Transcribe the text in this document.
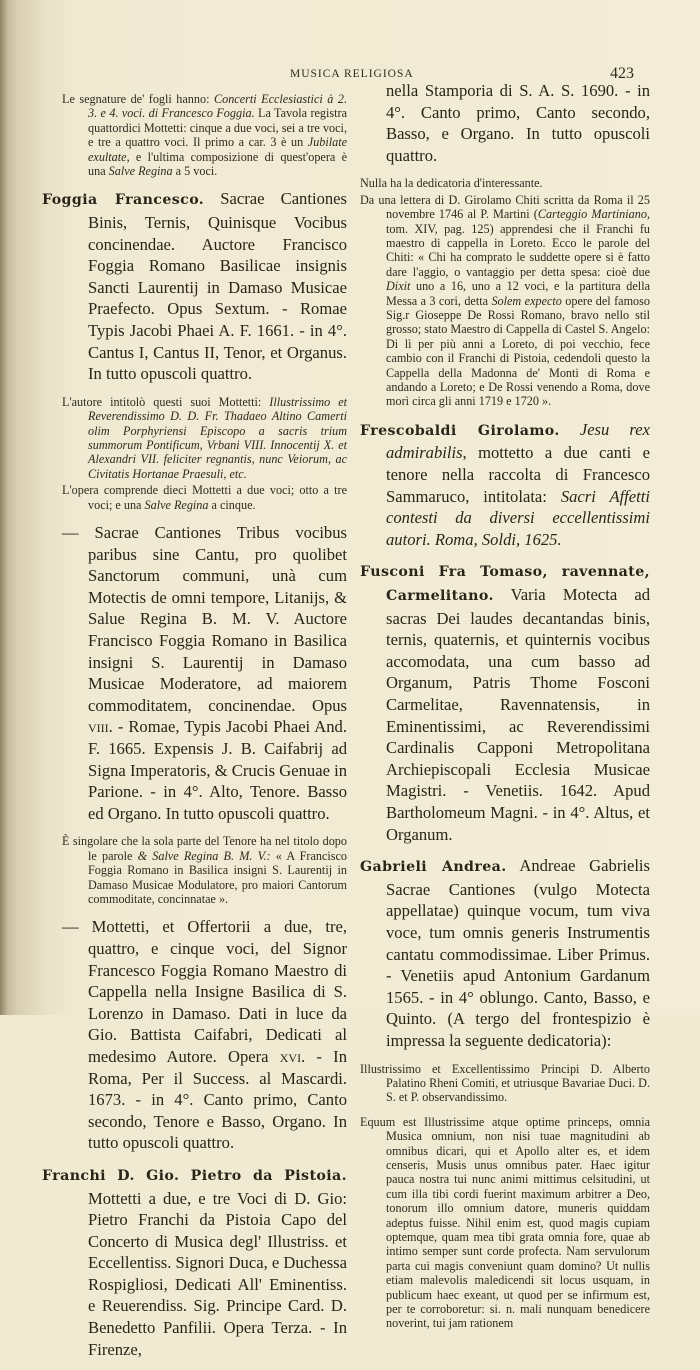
MUSICA RELIGIOSA	423

Le segnature de' fogli hanno: Concerti Ecclesiastici à 2. 3. e 4. voci. di Francesco Foggia. La Tavola registra quattordici Mottetti: cinque a due voci, sei a tre voci, e tre a quattro voci. Il primo a car. 3 è un Jubilate exultate, e l'ultima composizione di quest'opera è una Salve Regina a 5 voci.

Foggia Francesco. Sacrae Cantiones Binis, Ternis, Quinisque Vocibus concinendae. Auctore Francisco Foggia Romano Basilicae insignis Sancti Laurentij in Damaso Musicae Praefecto. Opus Sextum. - Romae Typis Jacobi Phaei A. F. 1661. - in 4°. Cantus I, Cantus II, Tenor, et Organus. In tutto opuscoli quattro.

L'autore intitolò questi suoi Mottetti: Illustrissimo et Reverendissimo D. D. Fr. Thadaeo Altino Camerti olim Porphyriensi Episcopo a sacris trium summorum Pontificum, Vrbani VIII. Innocentij X. et Alexandri VII. feliciter regnantis, nunc Veiorum, ac Civitatis Hortanae Praesuli, etc.

L'opera comprende dieci Mottetti a due voci; otto a tre voci; e una Salve Regina a cinque.

— Sacrae Cantiones Tribus vocibus paribus sine Cantu, pro quolibet Sanctorum communi, unà cum Motectis de omni tempore, Litanijs, & Salue Regina B. M. V. Auctore Francisco Foggia Romano in Basilica insigni S. Laurentij in Damaso Musicae Moderatore, ad maiorem commoditatem, concinendae. Opus viii. - Romae, Typis Jacobi Phaei And. F. 1665. Expensis J. B. Caifabrij ad Signa Imperatoris, & Crucis Genuae in Parione. - in 4°. Alto, Tenore. Basso ed Organo. In tutto opuscoli quattro.

È singolare che la sola parte del Tenore ha nel titolo dopo le parole & Salve Regina B. M. V.: « A Francisco Foggia Romano in Basilica insigni S. Laurentij in Damaso Musicae Modulatore, pro maiori Cantorum commoditate, concinnatae ».

— Mottetti, et Offertorii a due, tre, quattro, e cinque voci, del Signor Francesco Foggia Romano Maestro di Cappella nella Insigne Basilica di S. Lorenzo in Damaso. Dati in luce da Gio. Battista Caifabri, Dedicati al medesimo Autore. Opera xvi. - In Roma, Per il Success. al Mascardi. 1673. - in 4°. Canto primo, Canto secondo, Tenore e Basso, Organo. In tutto opuscoli quattro.

Franchi D. Gio. Pietro da Pistoia. Mottetti a due, e tre Voci di D. Gio: Pietro Franchi da Pistoia Capo del Concerto di Musica degl' Illustriss. et Eccellentiss. Signori Duca, e Duchessa Rospigliosi, Dedicati All' Eminentiss. e Reuerendiss. Sig. Principe Card. D. Benedetto Panfilii. Opera Terza. - In Firenze,

nella Stamporia di S. A. S. 1690. - in 4°. Canto primo, Canto secondo, Basso, e Organo. In tutto opuscoli quattro.

Nulla ha la dedicatoria d'interessante.

Da una lettera di D. Girolamo Chiti scritta da Roma il 25 novembre 1746 al P. Martini (Carteggio Martiniano, tom. XIV, pag. 125) apprendesi che il Franchi fu maestro di cappella in Loreto. Ecco le parole del Chiti: « Chi ha comprato le suddette opere si è fatto dare l'aggio, o vantaggio per detta spesa: cioè due Dixit uno a 16, uno a 12 voci, e la partitura della Messa a 3 cori, detta Solem expecto opere del famoso Sig.r Gioseppe De Rossi Romano, bravo nello stil grosso; stato Maestro di Cappella di Castel S. Angelo: Di lì per più anni a Loreto, di poi vecchio, fece cambio con il Franchi di Pistoia, cedendoli questo la Cappella della Madonna de' Monti di Roma e andando a Loreto; e De Rossi venendo a Roma, dove morì circa gli anni 1719 e 1720 ».

Frescobaldi Girolamo. Jesu rex admirabilis, mottetto a due canti e tenore nella raccolta di Francesco Sammaruco, intitolata: Sacri Affetti contesti da diversi eccellentissimi autori. Roma, Soldi, 1625.

Fusconi Fra Tomaso, ravennate, Carmelitano. Varia Motecta ad sacras Dei laudes decantandas binis, ternis, quaternis, et quinternis vocibus accomodata, una cum basso ad Organum, Patris Thome Fosconi Carmelitae, Ravennatensis, in Eminentissimi, ac Reverendissimi Cardinalis Capponi Metropolitana Archiepiscopali Ecclesia Musicae Magistri. - Venetiis. 1642. Apud Bartholomeum Magni. - in 4°. Altus, et Organum.

Gabrieli Andrea. Andreae Gabrielis Sacrae Cantiones (vulgo Motecta appellatae) quinque vocum, tum viva voce, tum omnis generis Instrumentis cantatu commodissimae. Liber Primus. - Venetiis apud Antonium Gardanum 1565. - in 4° oblungo. Canto, Basso, e Quinto. (A tergo del frontespizio è impressa la seguente dedicatoria):

Illustrissimo et Excellentissimo Principi D. Alberto Palatino Rheni Comiti, et utriusque Bavariae Duci. D. S. et P. observandissimo.

Equum est Illustrissime atque optime princeps, omnia Musica omnium, non nisi tuae magnitudini ab omnibus dicari, qui et Apollo alter es, et idem censeris, Musis unus omnibus pater. Haec igitur pauca nostra tui nunc animi mittimus celsitudini, ut cum illa tibi cordi fuerint maximum arbitrer a Deo, tonorum illo omnium datore, muneris quiddam adeptus fuisse. Nihil enim est, quod magis cupiam optemque, quam mea tibi grata omnia fore, quae ab intimo semper sunt corde profecta. Nam servulorum parta cui magis conveniunt quam domino? Ut nullis etiam malevolis maledicendi sit locus usquam, in publicum haec exeant, ut quod per se infirmum est, per te corroboretur: si. n. mali nunquam benedicere noverint, tui jam rationem
